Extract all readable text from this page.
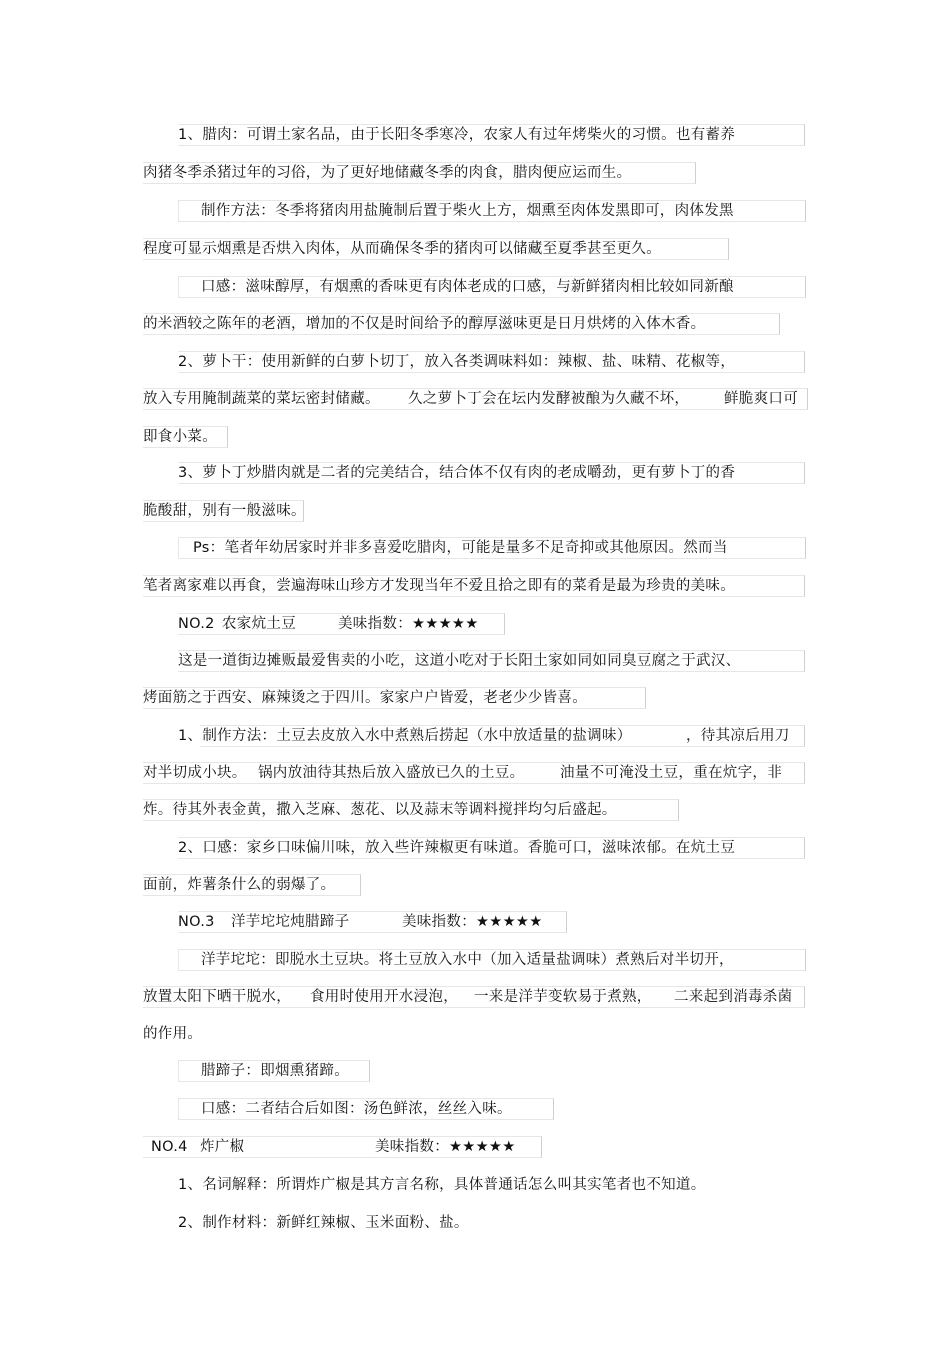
1、腊肉：可谓土家名品，由于长阳冬季寒冷，农家人有过年烤柴火的习惯。也有蓄养
肉猪冬季杀猪过年的习俗，为了更好地储藏冬季的肉食，腊肉便应运而生。
制作方法：冬季将猪肉用盐腌制后置于柴火上方，烟熏至肉体发黑即可，肉体发黑
程度可显示烟熏是否烘入肉体，从而确保冬季的猪肉可以储藏至夏季甚至更久。
口感：滋味醇厚，有烟熏的香味更有肉体老成的口感，与新鲜猪肉相比较如同新酿
的米酒较之陈年的老酒，增加的不仅是时间给予的醇厚滋味更是日月烘烤的入体木香。
2、萝卜干：使用新鲜的白萝卜切丁，放入各类调味料如：辣椒、盐、味精、花椒等，
放入专用腌制蔬菜的菜坛密封储藏。 久之萝卜丁会在坛内发酵被酿为久藏不坏， 鲜脆爽口可
即食小菜。
3、萝卜丁炒腊肉就是二者的完美结合，结合体不仅有肉的老成嚼劲，更有萝卜丁的香
脆酸甜，别有一般滋味。
Ps：笔者年幼居家时并非多喜爱吃腊肉，可能是量多不足奇抑或其他原因。然而当
笔者离家难以再食，尝遍海味山珍方才发现当年不爱且拾之即有的菜肴是最为珍贵的美味。
NO.2 农家炕土豆	美味指数：★★★★★
这是一道街边摊贩最爱售卖的小吃，这道小吃对于长阳土家如同如同臭豆腐之于武汉、
烤面筋之于西安、麻辣烫之于四川。家家户户皆爱，老老少少皆喜。
1、制作方法：土豆去皮放入水中煮熟后捞起（水中放适量的盐调味）	，待其凉后用刀
对半切成小块。 锅内放油待其热后放入盛放已久的土豆。 油量不可淹没土豆，重在炕字，非
炸。待其外表金黄，撒入芝麻、葱花、以及蒜末等调料搅拌均匀后盛起。
2、口感：家乡口味偏川味，放入些许辣椒更有味道。香脆可口，滋味浓郁。在炕土豆
面前，炸薯条什么的弱爆了。
NO.3 洋芋坨坨炖腊蹄子	美味指数：★★★★★
洋芋坨坨：即脱水土豆块。将土豆放入水中（加入适量盐调味）煮熟后对半切开，
放置太阳下晒干脱水， 食用时使用开水浸泡， 一来是洋芋变软易于煮熟， 二来起到消毒杀菌
的作用。
腊蹄子：即烟熏猪蹄。
口感：二者结合后如图：汤色鲜浓，丝丝入味。
NO.4 炸广椒	美味指数：★★★★★
1、名词解释：所谓炸广椒是其方言名称，具体普通话怎么叫其实笔者也不知道。
2、制作材料：新鲜红辣椒、玉米面粉、盐。
